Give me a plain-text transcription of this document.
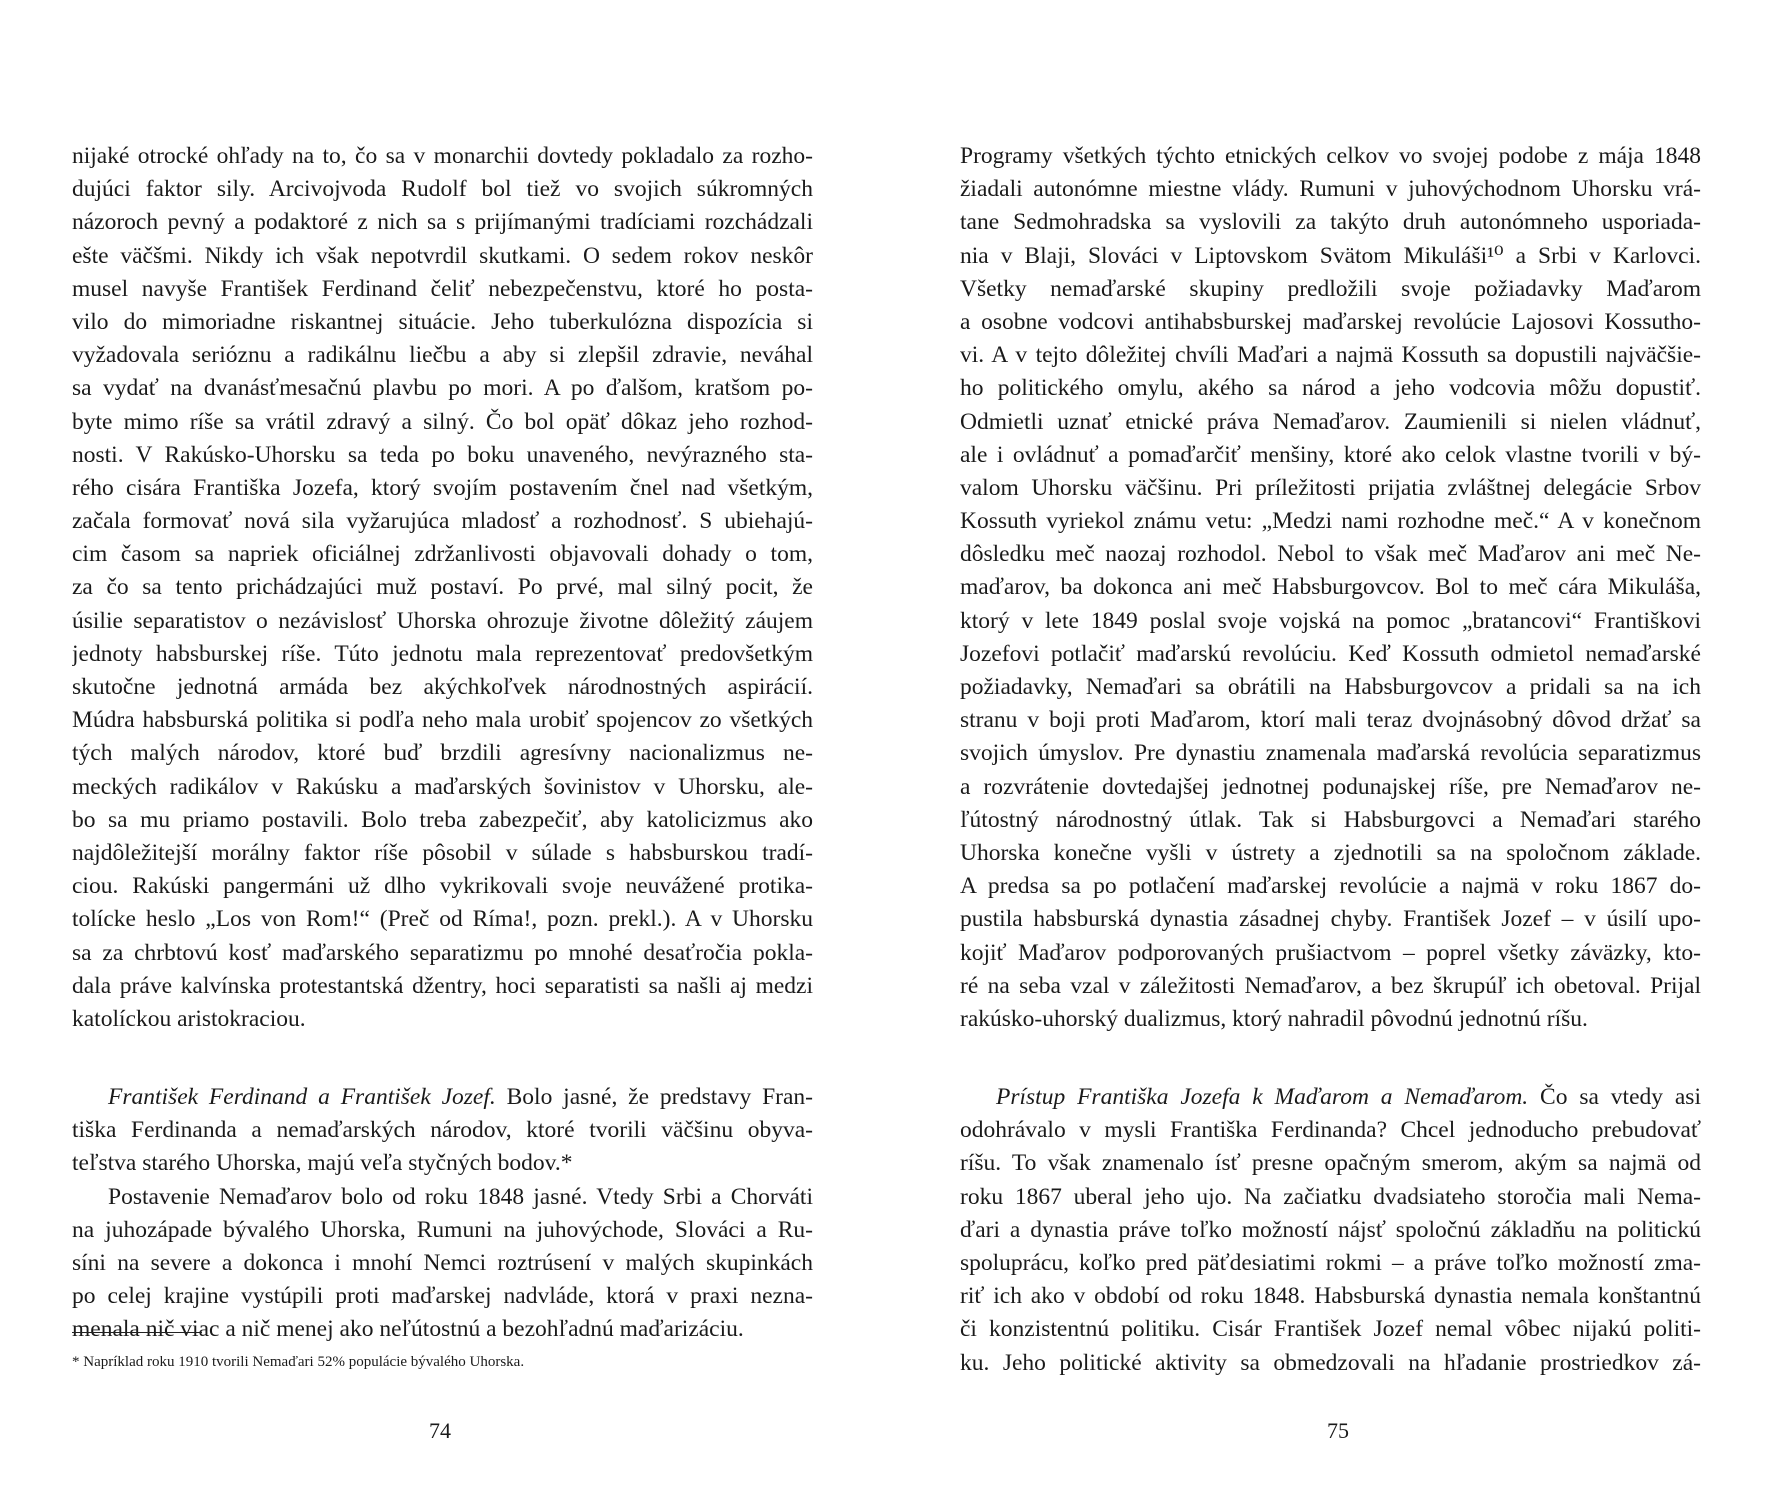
nijaké otrocké ohľady na to, čo sa v monarchii dovtedy pokladalo za rozho-
dujúci faktor sily. Arcivojvoda Rudolf bol tiež vo svojich súkromných
názoroch pevný a podaktoré z nich sa s prijímanými tradíciami rozchádzali
ešte väčšmi. Nikdy ich však nepotvrdil skutkami. O sedem rokov neskôr
musel navyše František Ferdinand čeliť nebezpečenstvu, ktoré ho posta-
vilo do mimoriadne riskantnej situácie. Jeho tuberkulózna dispozícia si
vyžadovala serióznu a radikálnu liečbu a aby si zlepšil zdravie, neváhal
sa vydať na dvanásťmesačnú plavbu po mori. A po ďalšom, kratšom po-
byte mimo ríše sa vrátil zdravý a silný. Čo bol opäť dôkaz jeho rozhod-
nosti. V Rakúsko-Uhorsku sa teda po boku unaveného, nevýrazného sta-
rého cisára Františka Jozefa, ktorý svojím postavením čnel nad všetkým,
začala formovať nová sila vyžarujúca mladosť a rozhodnosť. S ubiehajú-
cim časom sa napriek oficiálnej zdržanlivosti objavovali dohady o tom,
za čo sa tento prichádzajúci muž postaví. Po prvé, mal silný pocit, že
úsilie separatistov o nezávislosť Uhorska ohrozuje životne dôležitý záujem
jednoty habsburskej ríše. Túto jednotu mala reprezentovať predovšetkým
skutočne jednotná armáda bez akýchkoľvek národnostných aspirácií.
Múdra habsburská politika si podľa neho mala urobiť spojencov zo všetkých
tých malých národov, ktoré buď brzdili agresívny nacionalizmus ne-
meckých radikálov v Rakúsku a maďarských šovinistov v Uhorsku, ale-
bo sa mu priamo postavili. Bolo treba zabezpečiť, aby katolicizmus ako
najdôležitejší morálny faktor ríše pôsobil v súlade s habsburskou tradí-
ciou. Rakúski pangermáni už dlho vykrikovali svoje neuvážené protika-
tolícke heslo „Los von Rom!“ (Preč od Ríma!, pozn. prekl.). A v Uhorsku
sa za chrbtovú kosť maďarského separatizmu po mnohé desaťročia pokla-
dala práve kalvínska protestantská džentry, hoci separatisti sa našli aj medzi
katolíckou aristokraciou.
František Ferdinand a František Jozef. Bolo jasné, že predstavy Fran-
tiška Ferdinanda a nemaďarských národov, ktoré tvorili väčšinu obyva-
teľstva starého Uhorska, majú veľa styčných bodov.*
Postavenie Nemaďarov bolo od roku 1848 jasné. Vtedy Srbi a Chorváti
na juhozápade bývalého Uhorska, Rumuni na juhovýchode, Slováci a Ru-
síni na severe a dokonca i mnohí Nemci roztrúsení v malých skupinkách
po celej krajine vystúpili proti maďarskej nadvláde, ktorá v praxi nezna-
menala nič viac a nič menej ako neľútostnú a bezohľadnú maďarizáciu.
* Napríklad roku 1910 tvorili Nemaďari 52% populácie bývalého Uhorska.
74
Programy všetkých týchto etnických celkov vo svojej podobe z mája 1848
žiadali autonómne miestne vlády. Rumuni v juhovýchodnom Uhorsku vrá-
tane Sedmohradska sa vyslovili za takýto druh autonómneho usporiada-
nia v Blaji, Slováci v Liptovskom Svätom Mikuláši¹⁰ a Srbi v Karlovci.
Všetky nemaďarské skupiny predložili svoje požiadavky Maďarom
a osobne vodcovi antihabsburskej maďarskej revolúcie Lajosovi Kossutho-
vi. A v tejto dôležitej chvíli Maďari a najmä Kossuth sa dopustili najväčšie-
ho politického omylu, akého sa národ a jeho vodcovia môžu dopustiť.
Odmietli uznať etnické práva Nemaďarov. Zaumienili si nielen vládnuť,
ale i ovládnuť a pomaďarčiť menšiny, ktoré ako celok vlastne tvorili v bý-
valom Uhorsku väčšinu. Pri príležitosti prijatia zvláštnej delegácie Srbov
Kossuth vyriekol známu vetu: „Medzi nami rozhodne meč.“ A v konečnom
dôsledku meč naozaj rozhodol. Nebol to však meč Maďarov ani meč Ne-
maďarov, ba dokonca ani meč Habsburgovcov. Bol to meč cára Mikuláša,
ktorý v lete 1849 poslal svoje vojská na pomoc „bratancovi“ Františkovi
Jozefovi potlačiť maďarskú revolúciu. Keď Kossuth odmietol nemaďarské
požiadavky, Nemaďari sa obrátili na Habsburgovcov a pridali sa na ich
stranu v boji proti Maďarom, ktorí mali teraz dvojnásobný dôvod držať sa
svojich úmyslov. Pre dynastiu znamenala maďarská revolúcia separatizmus
a rozvrátenie dovtedajšej jednotnej podunajskej ríše, pre Nemaďarov ne-
ľútostný národnostný útlak. Tak si Habsburgovci a Nemaďari starého
Uhorska konečne vyšli v ústrety a zjednotili sa na spoločnom základe.
A predsa sa po potlačení maďarskej revolúcie a najmä v roku 1867 do-
pustila habsburská dynastia zásadnej chyby. František Jozef – v úsilí upo-
kojiť Maďarov podporovaných prušiactvom – poprel všetky záväzky, kto-
ré na seba vzal v záležitosti Nemaďarov, a bez škrupúľ ich obetoval. Prijal
rakúsko-uhorský dualizmus, ktorý nahradil pôvodnú jednotnú ríšu.
Prístup Františka Jozefa k Maďarom a Nemaďarom. Čo sa vtedy asi
odohrávalo v mysli Františka Ferdinanda? Chcel jednoducho prebudovať
ríšu. To však znamenalo ísť presne opačným smerom, akým sa najmä od
roku 1867 uberal jeho ujo. Na začiatku dvadsiateho storočia mali Nema-
ďari a dynastia práve toľko možností nájsť spoločnú základňu na politickú
spoluprácu, koľko pred päťdesiatimi rokmi – a práve toľko možností zma-
riť ich ako v období od roku 1848. Habsburská dynastia nemala konštantnú
či konzistentnú politiku. Cisár František Jozef nemal vôbec nijakú politi-
ku. Jeho politické aktivity sa obmedzovali na hľadanie prostriedkov zá-
75
